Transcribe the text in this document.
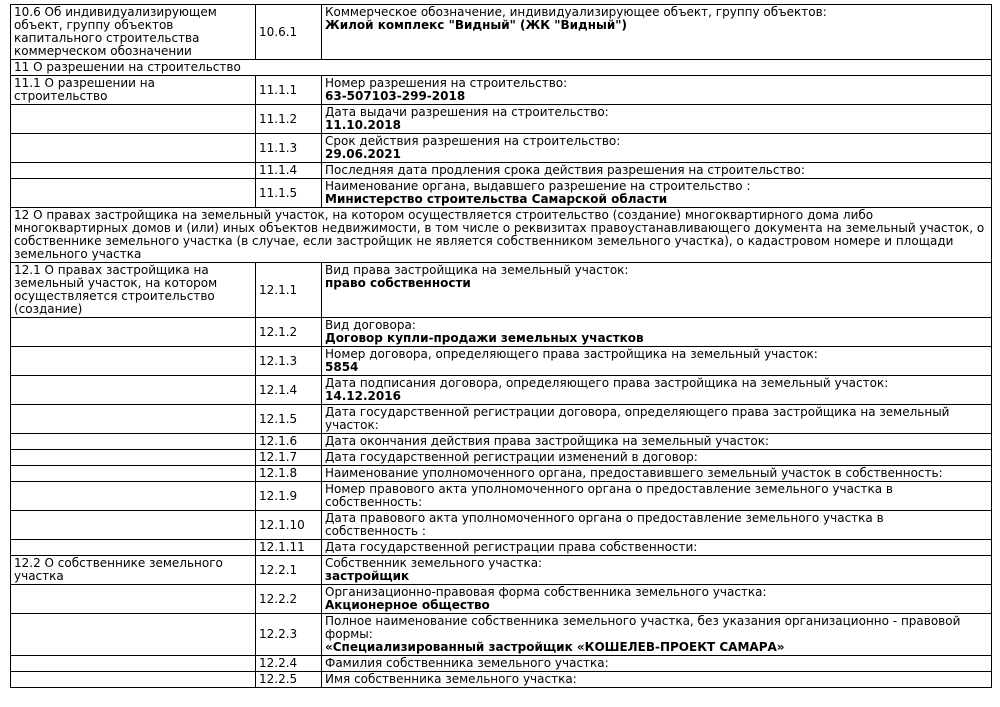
10.6 Об индивидуализирующем объект, группу объектов капитального строительства коммерческом обозначении	10.6.1	Коммерческое обозначение, индивидуализирующее объект, группу объектов:
Жилой комплекс "Видный" (ЖК "Видный")

11 О разрешении на строительство		
11.1 О разрешении на строительство	11.1.1	Номер разрешения на строительство:
63-507103-299-2018

	11.1.2	Дата выдачи разрешения на строительство:
11.10.2018

	11.1.3	Срок действия разрешения на строительство:
29.06.2021

	11.1.4	Последняя дата продления срока действия разрешения на строительство:

	11.1.5	Наименование органа, выдавшего разрешение на строительство :
Министерство строительства Самарской области

12 О правах застройщика на земельный участок, на котором осуществляется строительство (создание) многоквартирного дома либо многоквартирных домов и (или) иных объектов недвижимости, в том числе о реквизитах правоустанавливающего документа на земельный участок, о собственнике земельного участка (в случае, если застройщик не является собственником земельного участка), о кадастровом номере и площади земельного участка		
12.1 О правах застройщика на земельный участок, на котором осуществляется строительство (создание)	12.1.1	Вид права застройщика на земельный участок:
право собственности

	12.1.2	Вид договора:
Договор купли-продажи земельных участков

	12.1.3	Номер договора, определяющего права застройщика на земельный участок:
5854

	12.1.4	Дата подписания договора, определяющего права застройщика на земельный участок:
14.12.2016

	12.1.5	Дата государственной регистрации договора, определяющего права застройщика на земельный участок:

	12.1.6	Дата окончания действия права застройщика на земельный участок:

	12.1.7	Дата государственной регистрации изменений в договор:

	12.1.8	Наименование уполномоченного органа, предоставившего земельный участок в собственность:

	12.1.9	Номер правового акта уполномоченного органа о предоставление земельного участка в собственность:

	12.1.10	Дата правового акта уполномоченного органа о предоставление земельного участка в собственность :

	12.1.11	Дата государственной регистрации права собственности:

12.2 О собственнике земельного участка	12.2.1	Собственник земельного участка:
застройщик

	12.2.2	Организационно-правовая форма собственника земельного участка:
Акционерное общество

	12.2.3	Полное наименование собственника земельного участка, без указания организационно - правовой формы:
«Специализированный застройщик «КОШЕЛЕВ-ПРОЕКТ САМАРА»

	12.2.4	Фамилия собственника земельного участка:

	12.2.5	Имя собственника земельного участка:
